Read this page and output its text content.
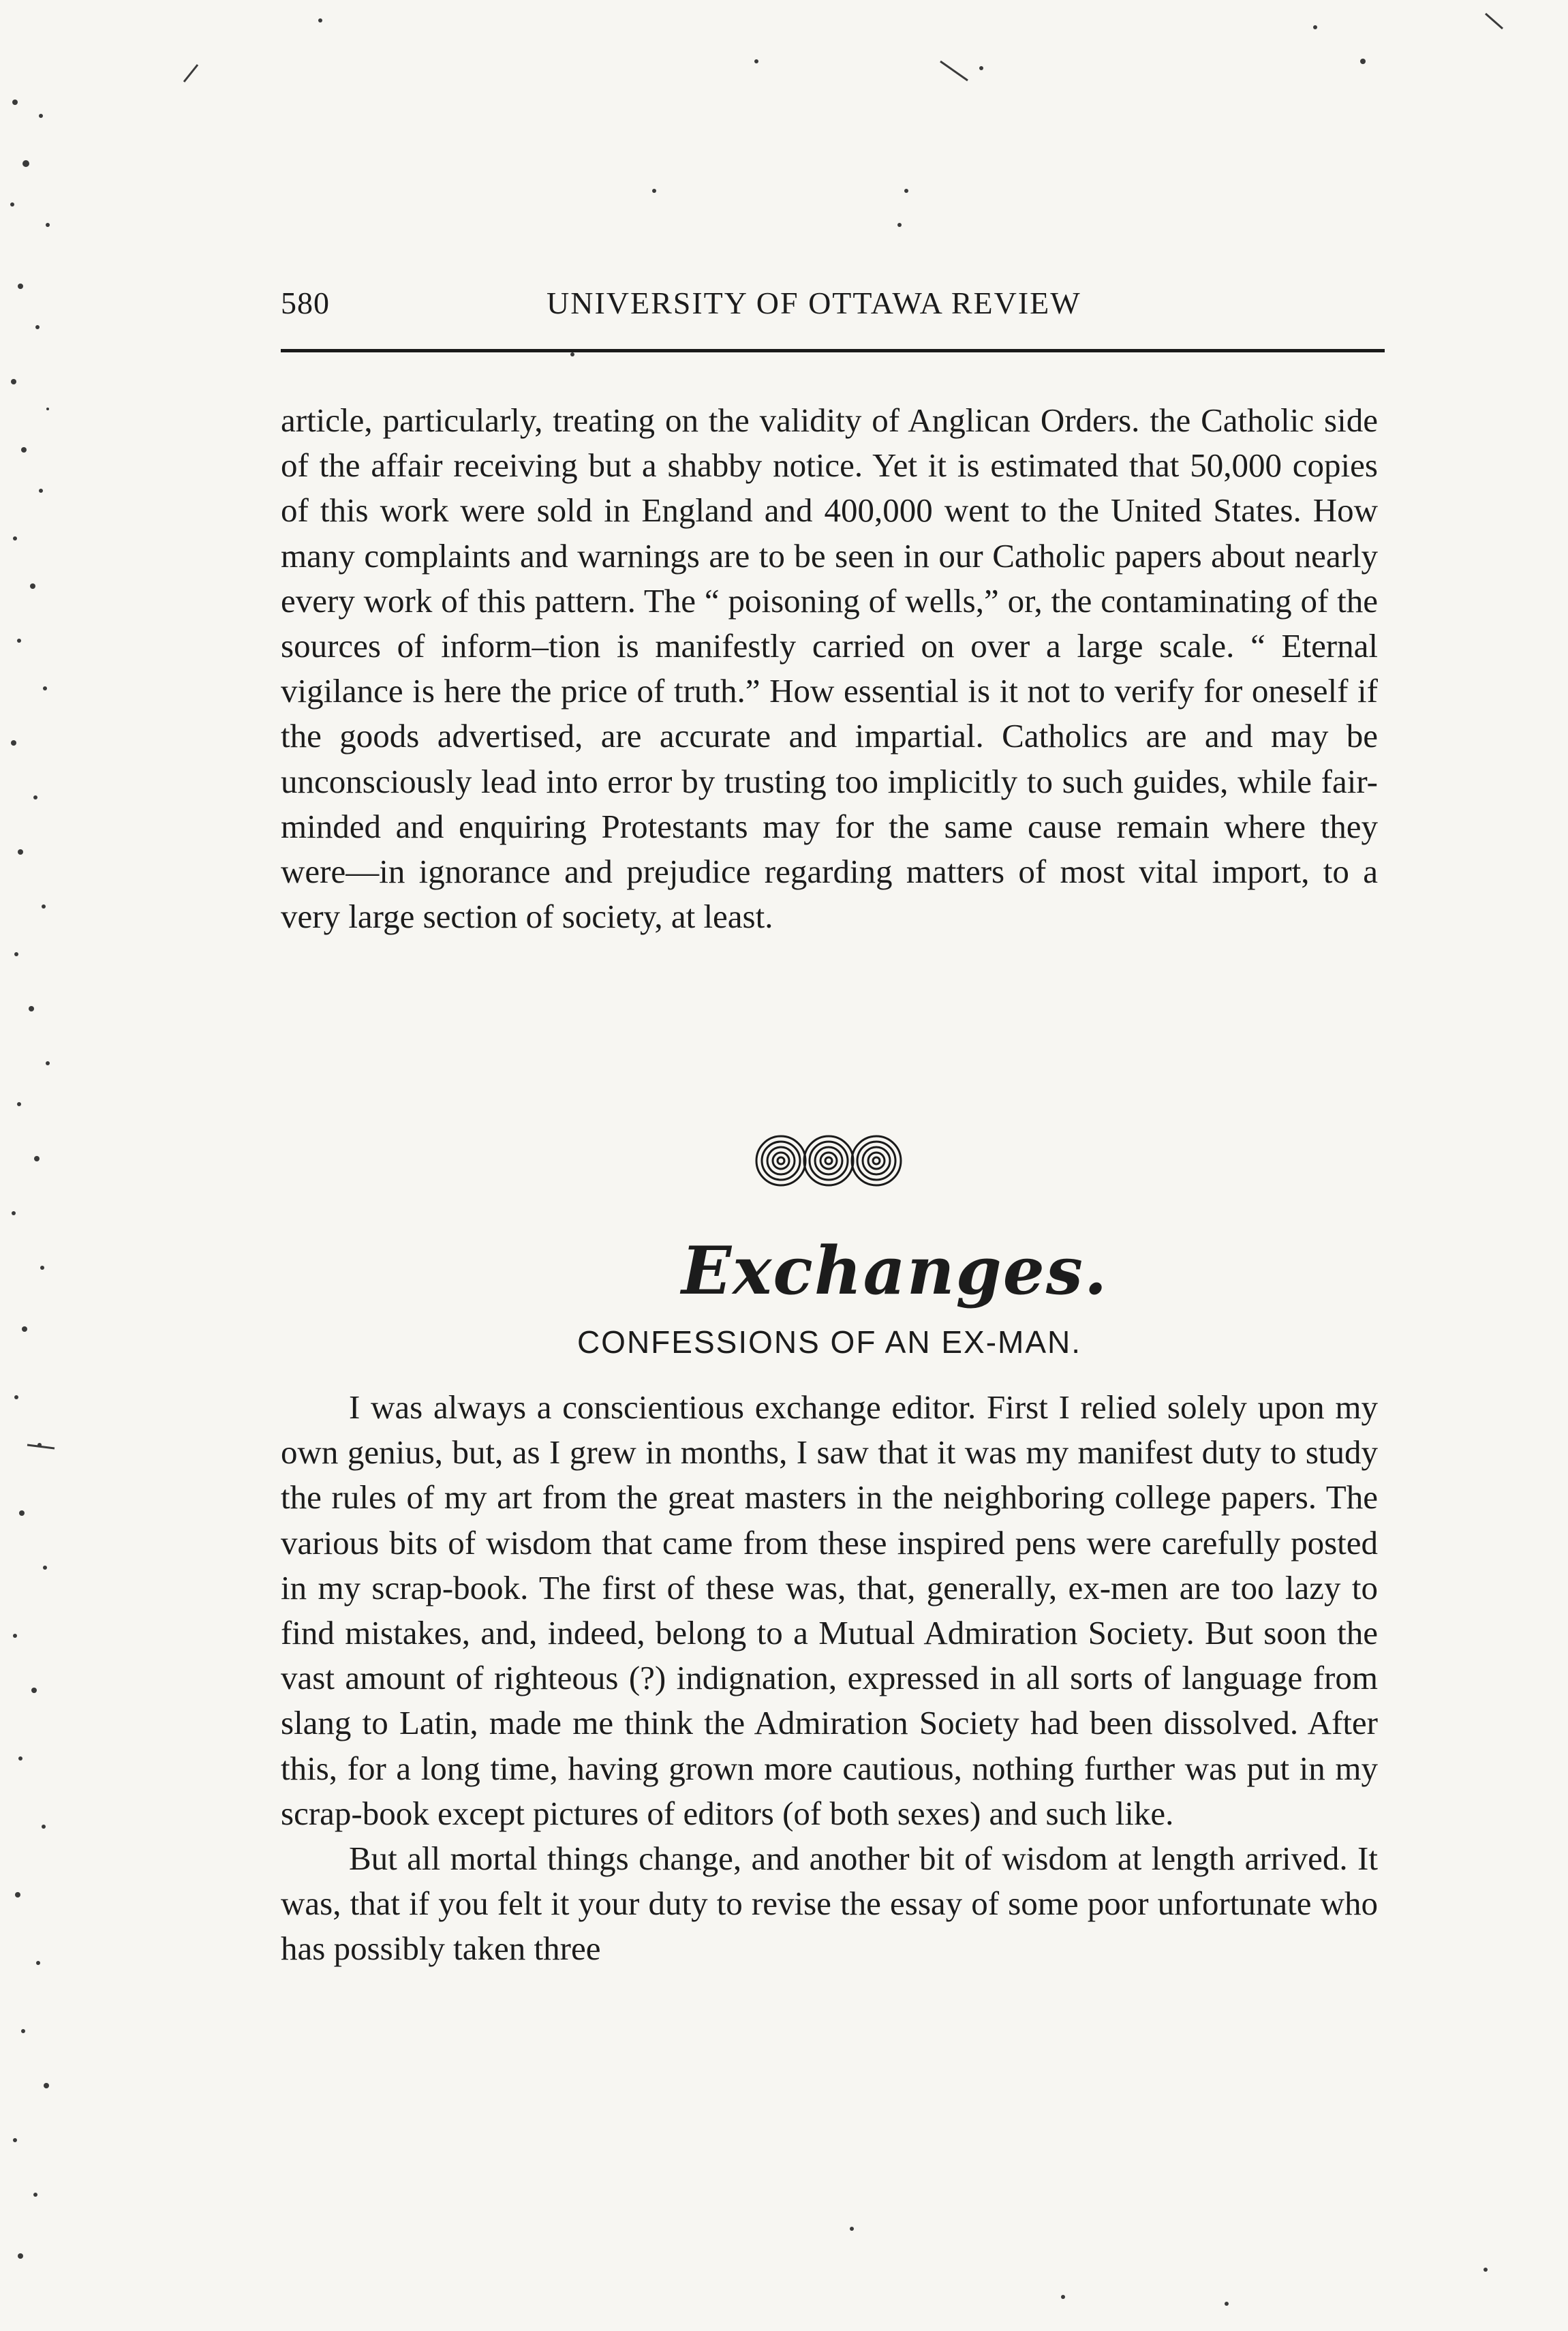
580	UNIVERSITY OF OTTAWA REVIEW

article, particularly, treating on the validity of Anglican Orders. the Catholic side of the affair receiving but a shabby notice. Yet it is estimated that 50,000 copies of this work were sold in England and 400,000 went to the United States. How many complaints and warnings are to be seen in our Catholic papers about nearly every work of this pattern. The “ poisoning of wells,” or, the contaminating of the sources of inform–tion is manifestly carried on over a large scale. “ Eternal vigilance is here the price of truth.” How essential is it not to verify for oneself if the goods advertised, are accurate and impartial. Catholics are and may be unconsciously lead into error by trusting too implicitly to such guides, while fair-minded and enquiring Protestants may for the same cause remain where they were—in ignorance and prejudice regarding matters of most vital import, to a very large section of society, at least.

Exchanges.
CONFESSIONS OF AN EX-MAN.

I was always a conscientious exchange editor. First I relied solely upon my own genius, but, as I grew in months, I saw that it was my manifest duty to study the rules of my art from the great masters in the neighboring college papers. The various bits of wisdom that came from these inspired pens were carefully posted in my scrap-book. The first of these was, that, generally, ex-men are too lazy to find mistakes, and, indeed, belong to a Mutual Admiration Society. But soon the vast amount of righteous (?) indignation, expressed in all sorts of language from slang to Latin, made me think the Admiration Society had been dissolved. After this, for a long time, having grown more cautious, nothing further was put in my scrap-book except pictures of editors (of both sexes) and such like.

But all mortal things change, and another bit of wisdom at length arrived. It was, that if you felt it your duty to revise the essay of some poor unfortunate who has possibly taken three
